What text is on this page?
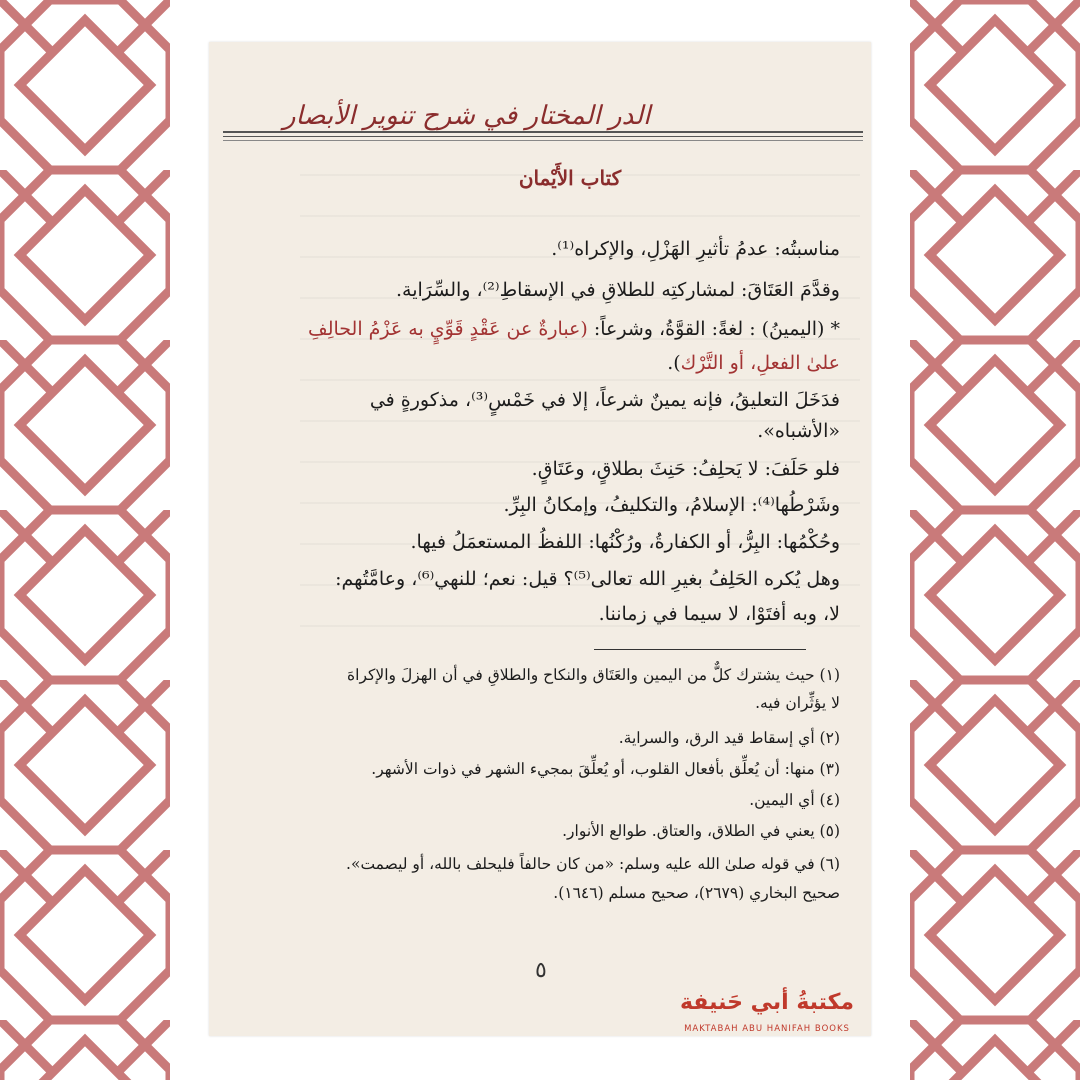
الدر المختار في شرح تنوير الأبصار
كتاب الأَيْمان
مناسبتُه: عدمُ تأثيرِ الهَزْلِ، والإكراه⁽¹⁾.
وقدَّمَ العَتَاقَ: لمشاركتِه للطلاقِ في الإسقاطِ⁽²⁾، والسِّرَاية.
* (اليمينُ) : لغةً: القوَّةُ، وشرعاً: (عبارةٌ عن عَقْدٍ قَوِّيٍ به عَزْمُ الحالِفِ
علىٰ الفعلِ، أو التَّرْك).
فدَخَلَ التعليقُ، فإنه يمينٌ شرعاً، إلا في خَمْسٍ⁽³⁾، مذكورةٍ في
«الأشباه».
فلو حَلَفَ: لا يَحلِفُ: حَنِثَ بطلاقٍ، وعَتَاقٍ.
وشَرْطُها⁽⁴⁾: الإسلامُ، والتكليفُ، وإمكانُ البِرِّ.
وحُكْمُها: البِرُّ، أو الكفارةُ، ورُكْنُها: اللفظُ المستعمَلُ فيها.
وهل يُكره الحَلِفُ بغيرِ الله تعالى⁽⁵⁾؟ قيل: نعم؛ للنهي⁽⁶⁾، وعامَّتُهم:
لا، وبه أفتَوْا، لا سيما في زماننا.
(١) حيث يشترك كلٌّ من اليمين والعَتَاق والنكاح والطلاقِ في أن الهزلَ والإكراهَ
لا يؤثِّران فيه.
(٢) أي إسقاط قيد الرق، والسراية.
(٣) منها: أن يُعلِّق بأفعال القلوب، أو يُعلِّقَ بمجيء الشهر في ذوات الأشهر.
(٤) أي اليمين.
(٥) يعني في الطلاق، والعتاق. طوالع الأنوار.
(٦) في قوله صلىٰ الله عليه وسلم: «من كان حالفاً فليحلف بالله، أو ليصمت».
صحيح البخاري (٢٦٧٩)، صحيح مسلم (١٦٤٦).
٥
مكتبةُ أبي حَنيفة
MAKTABAH ABU HANIFAH BOOKS
